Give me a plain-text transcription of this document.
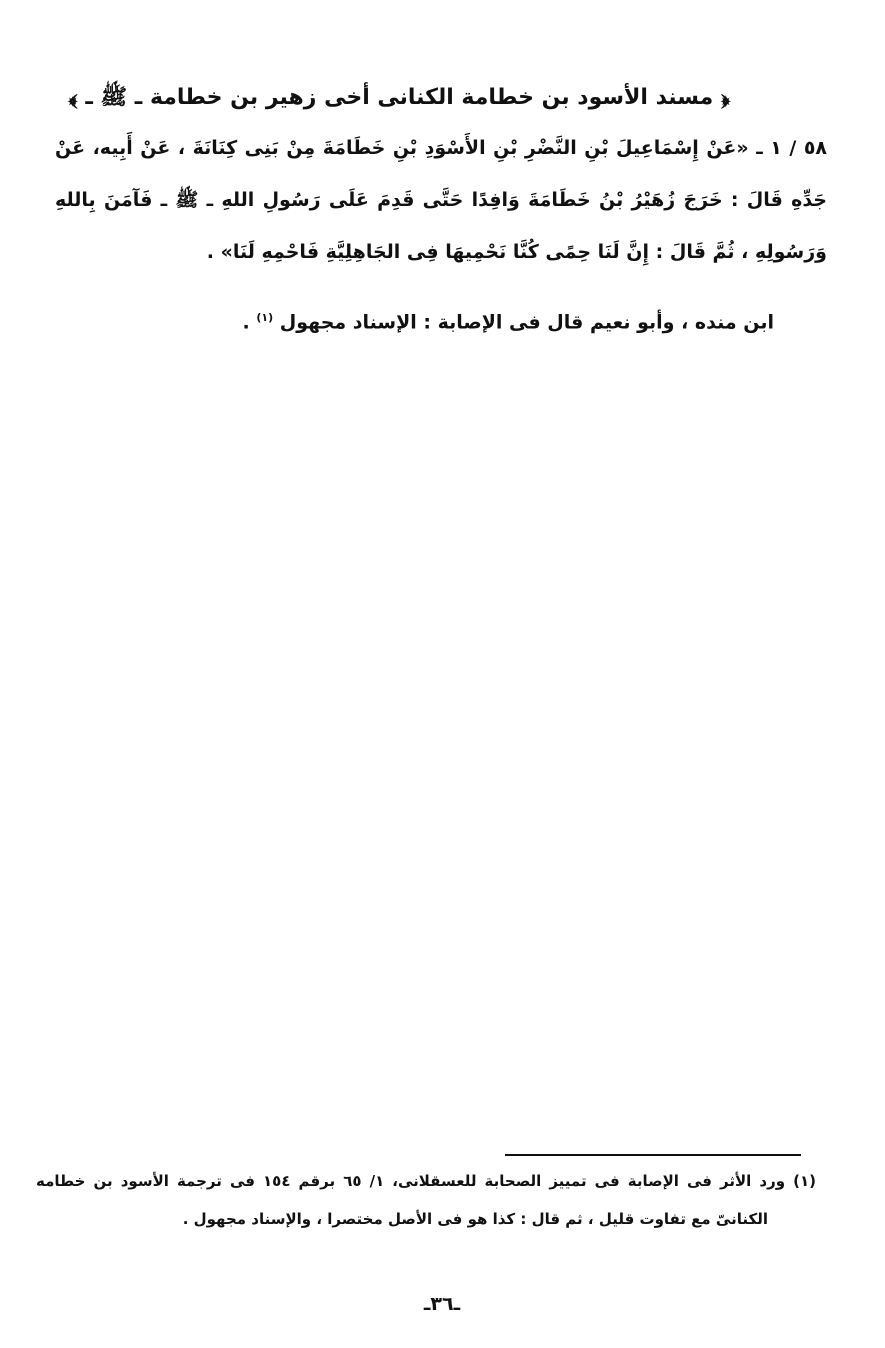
﴿ مسند الأسود بن خطامة الكنانى أخى زهير بن خطامة ـ ﷺ ـ ﴾
٥٨ / ١ ـ «عَنْ إِسْمَاعِيلَ بْنِ النَّضْرِ بْنِ الأَسْوَدِ بْنِ خَطَامَةَ مِنْ بَنِى كِنَانَةَ ، عَنْ أَبِيه، عَنْ
جَدِّهِ قَالَ : خَرَجَ زُهَيْرُ بْنُ خَطَامَةَ وَافِدًا حَتَّى قَدِمَ عَلَى رَسُولِ اللهِ ـ ﷺ ـ فَآمَنَ بِاللهِ
وَرَسُولِهِ ، ثُمَّ قَالَ : إِنَّ لَنَا حِمًى كُنَّا نَحْمِيهَا فِى الجَاهِلِيَّةِ فَاحْمِهِ لَنَا» .
ابن منده ، وأبو نعيم قال فى الإصابة : الإسناد مجهول $^{(١)}$ .
(١) ورد الأثر فى الإصابة فى تمييز الصحابة للعسقلانى، ١/ ٦٥ برقم ١٥٤ فى ترجمة الأسود بن خطامه
الكنانىّ مع تفاوت قليل ، ثم قال : كذا هو فى الأصل مختصرا ، والإسناد مجهول .
ـ٣٦ـ
